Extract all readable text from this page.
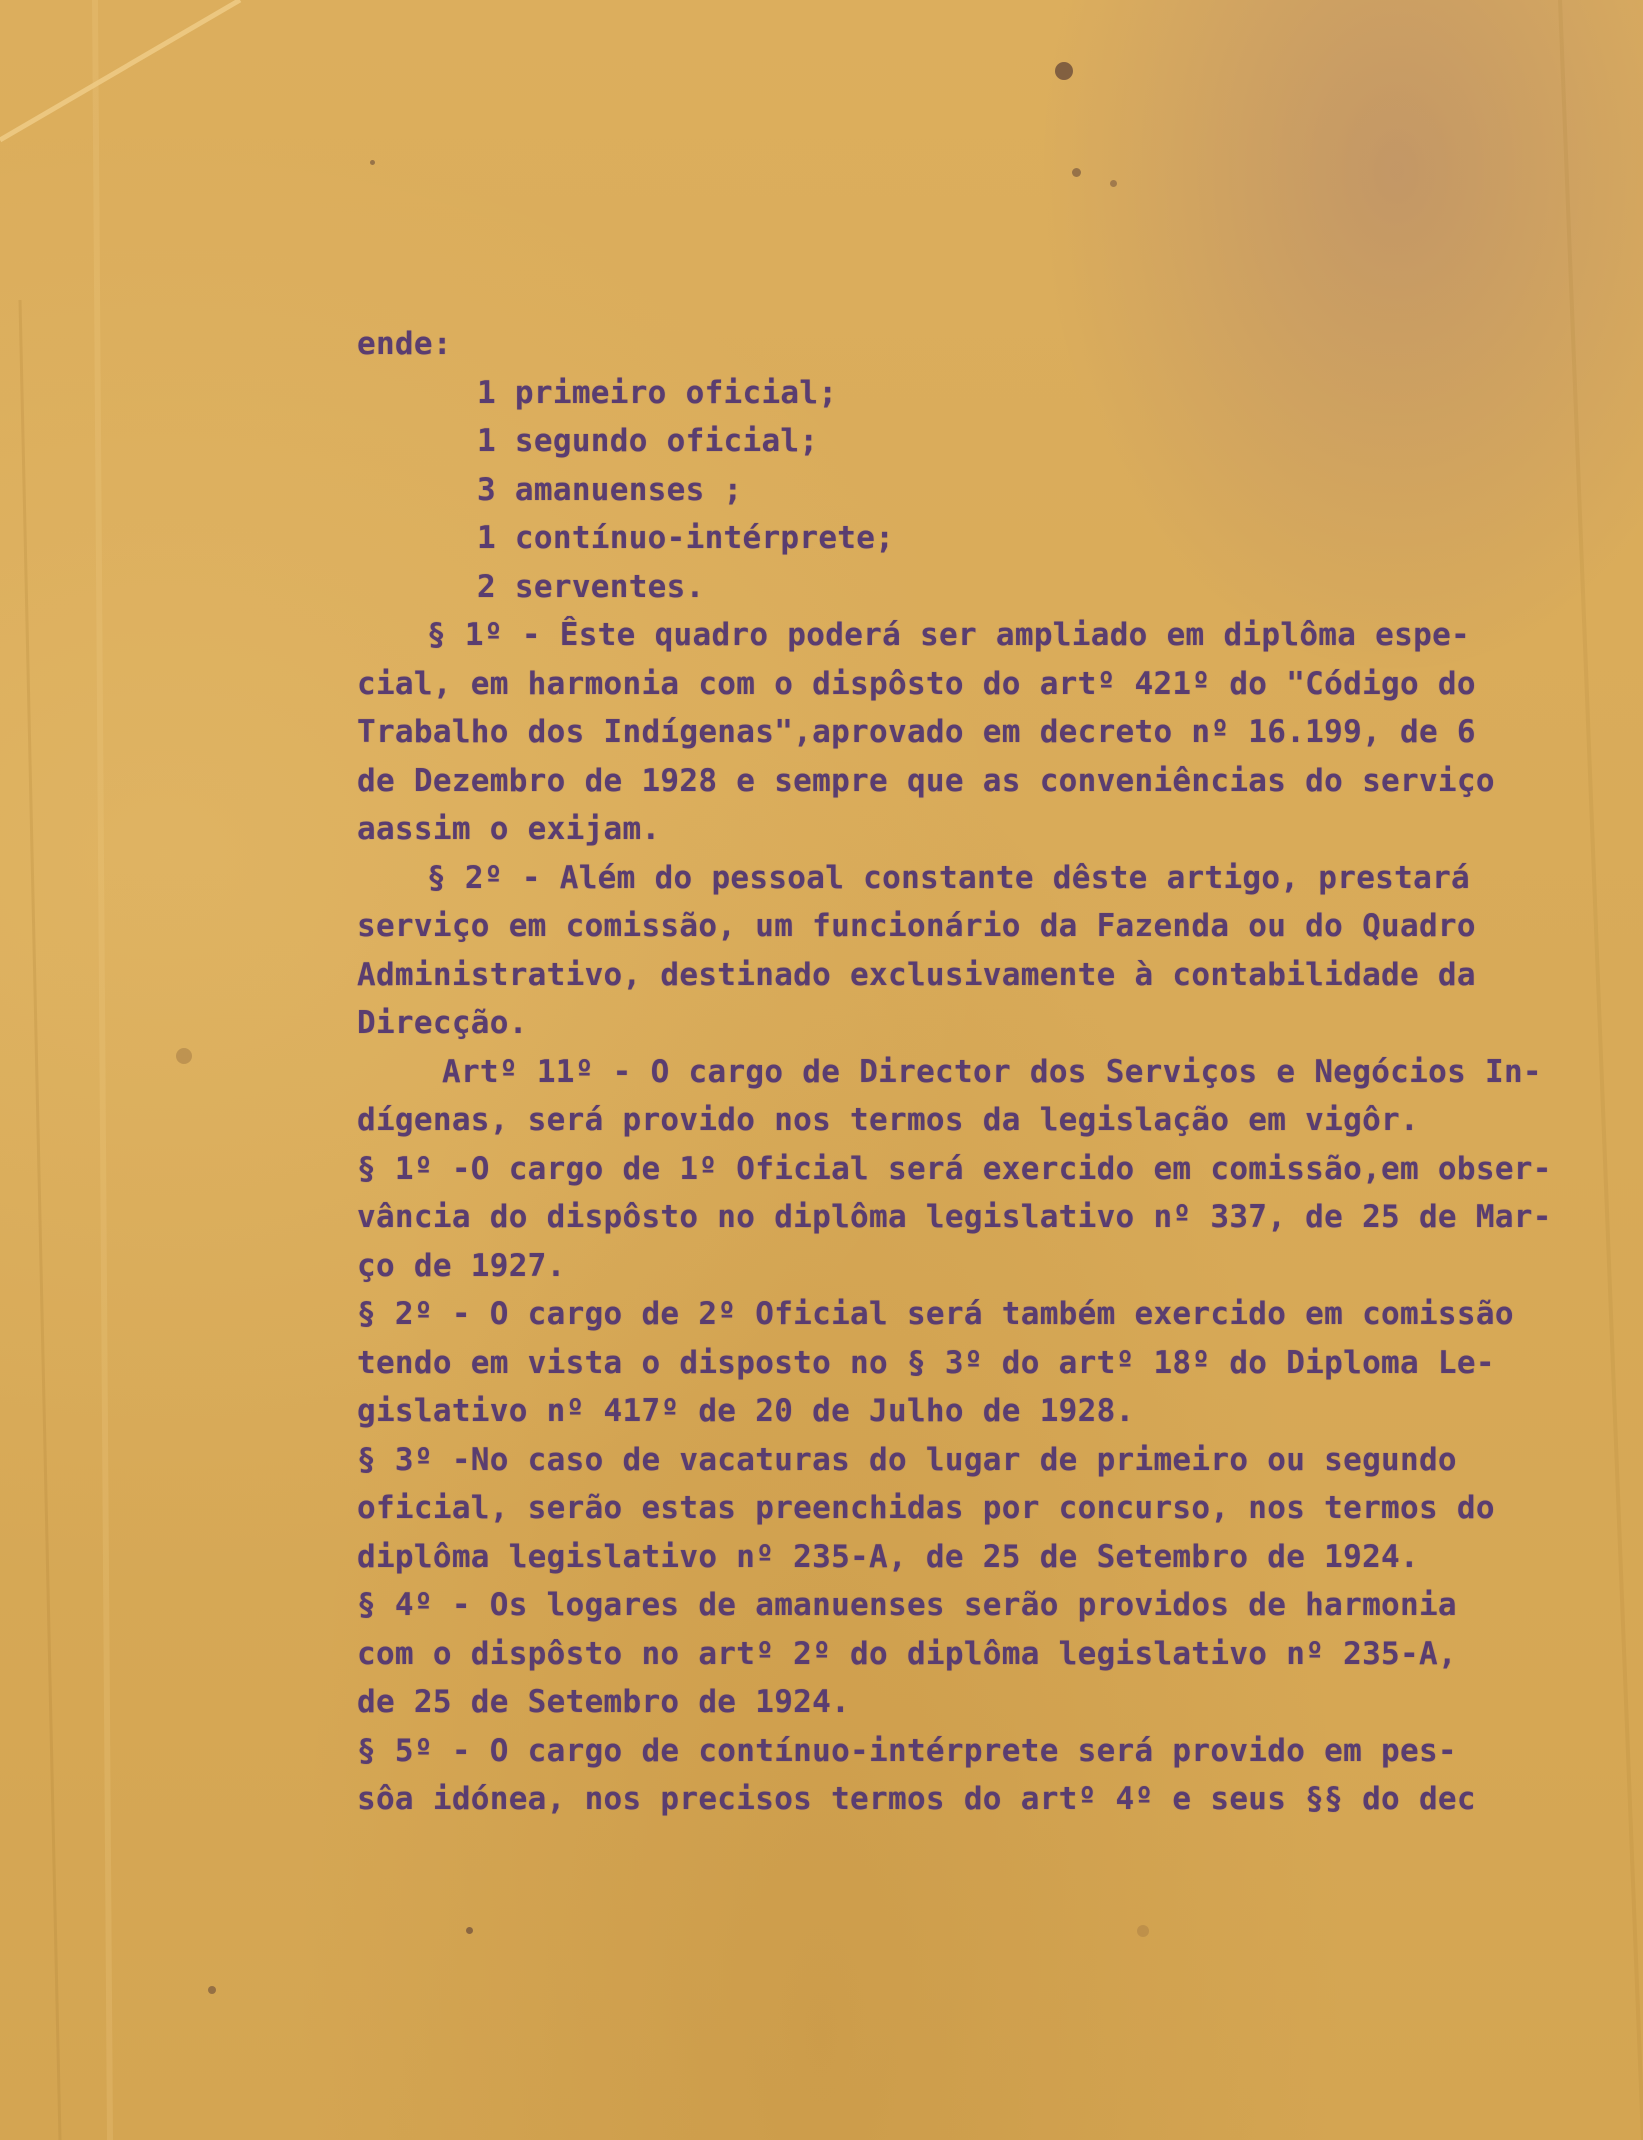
ende:
1 primeiro oficial;
1 segundo oficial;
3 amanuenses ;
1 contínuo-intérprete;
2 serventes.
§ 1º - Êste quadro poderá ser ampliado em diplôma espe-
cial, em harmonia com o dispôsto do artº 421º do "Código do
Trabalho dos Indígenas",aprovado em decreto nº 16.199, de 6
de Dezembro de 1928 e sempre que as conveniências do serviço
aassim o exijam.
§ 2º - Além do pessoal constante dêste artigo, prestará
serviço em comissão, um funcionário da Fazenda ou do Quadro
Administrativo, destinado exclusivamente à contabilidade da
Direcção.
Artº 11º - O cargo de Director dos Serviços e Negócios In-
dígenas, será provido nos termos da legislação em vigôr.
§ 1º -O cargo de 1º Oficial será exercido em comissão,em obser-
vância do dispôsto no diplôma legislativo nº 337, de 25 de Mar-
ço de 1927.
§ 2º - O cargo de 2º Oficial será também exercido em comissão
tendo em vista o disposto no § 3º do artº 18º do Diploma Le-
gislativo nº 417º de 20 de Julho de 1928.
§ 3º -No caso de vacaturas do lugar de primeiro ou segundo
oficial, serão estas preenchidas por concurso, nos termos do
diplôma legislativo nº 235-A, de 25 de Setembro de 1924.
§ 4º - Os logares de amanuenses serão providos de harmonia
com o dispôsto no artº 2º do diplôma legislativo nº 235-A,
de 25 de Setembro de 1924.
§ 5º - O cargo de contínuo-intérprete será provido em pes-
sôa idónea, nos precisos termos do artº 4º e seus §§ do dec
